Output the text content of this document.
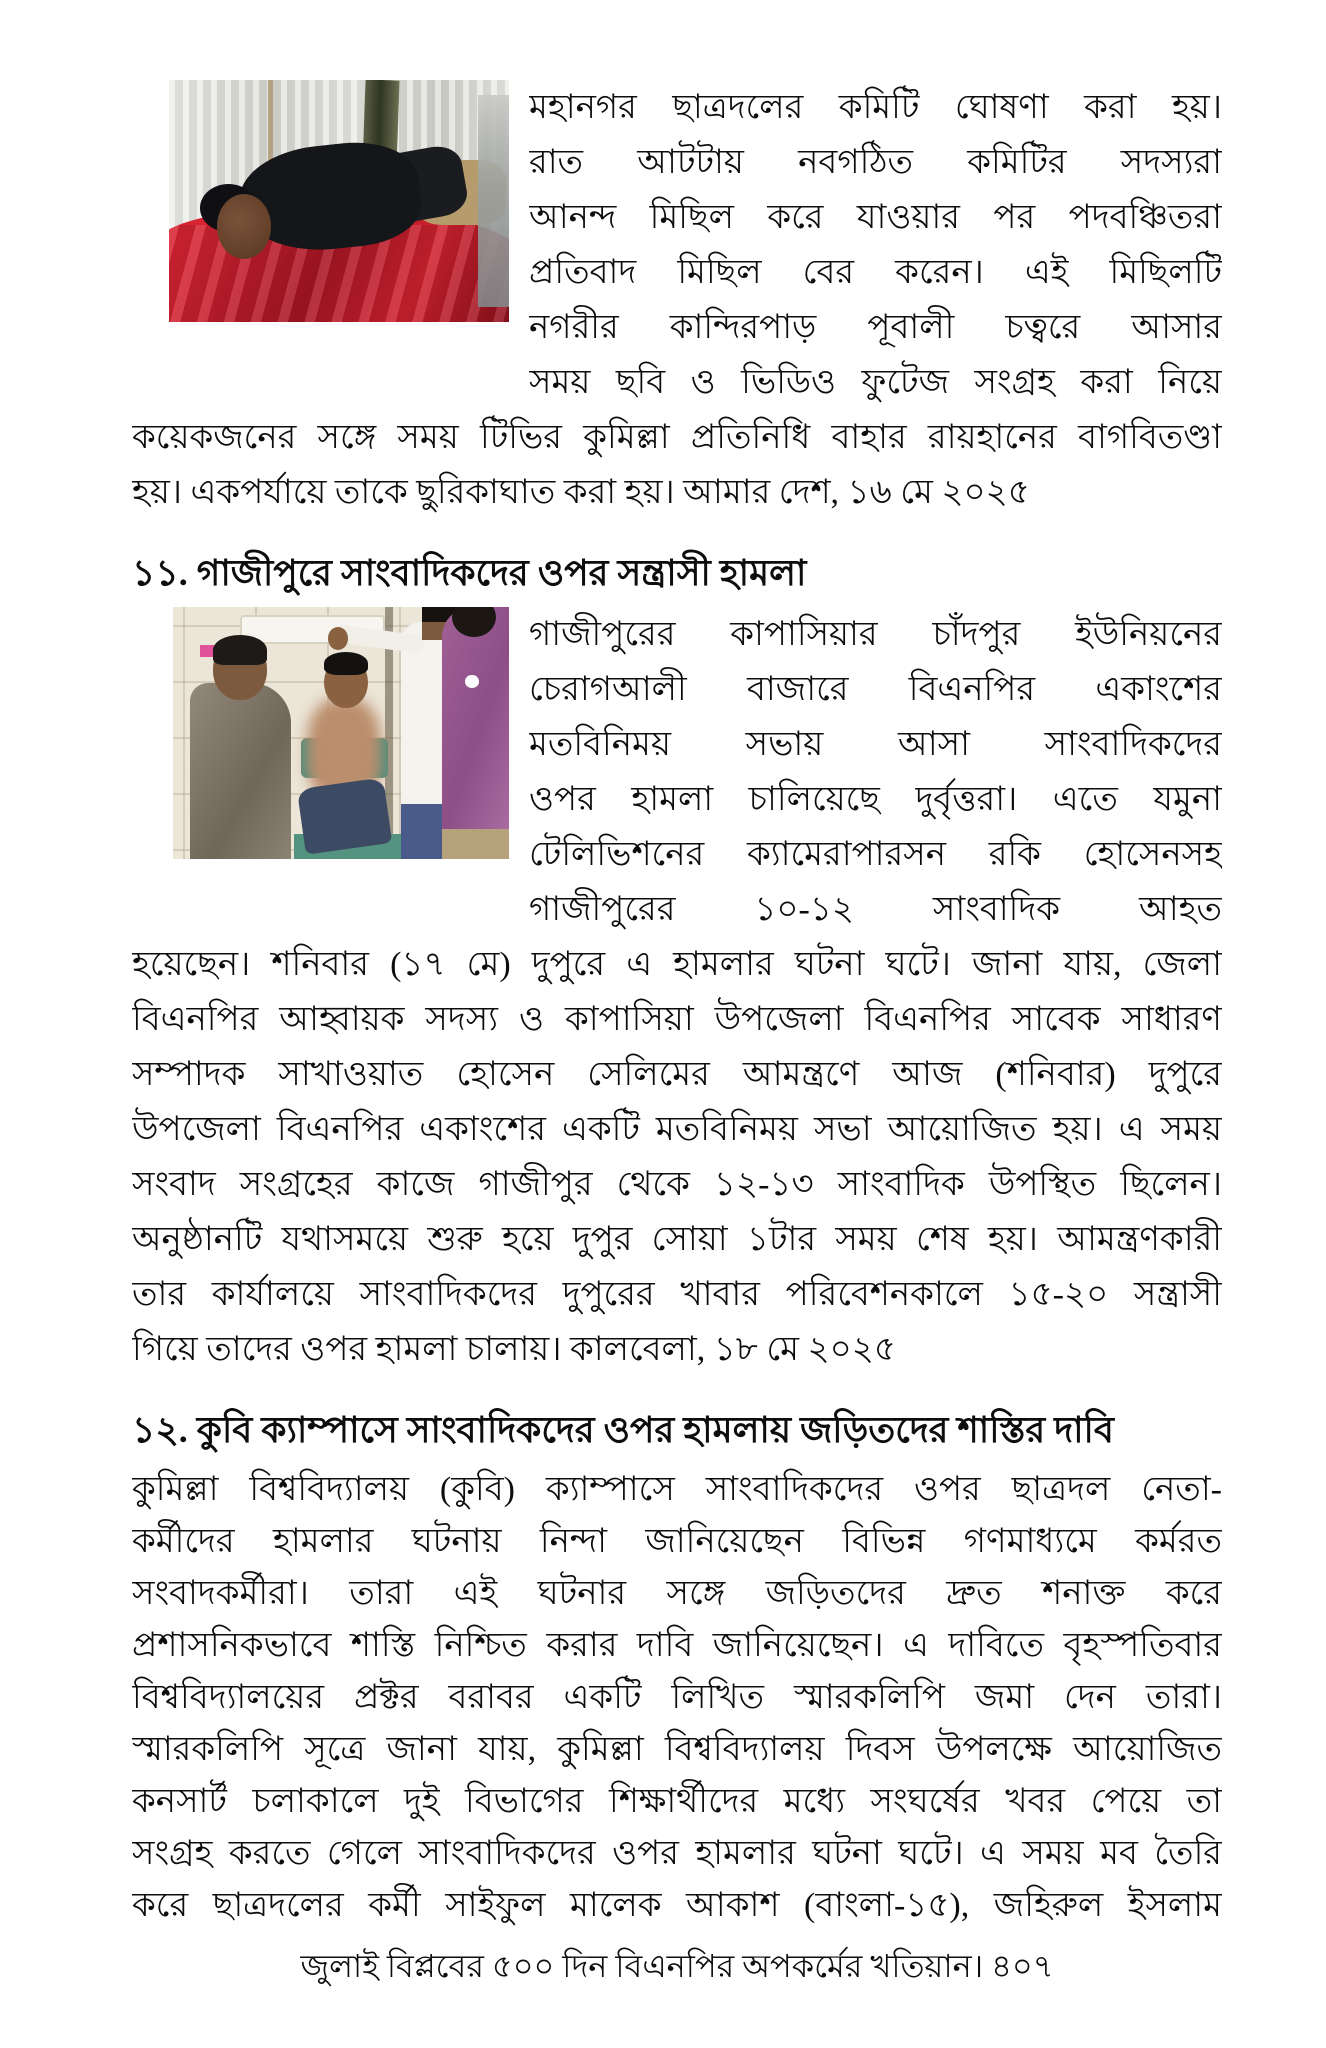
মহানগর ছাত্রদলের কমিটি ঘোষণা করা হয়।
রাত আটটায় নবগঠিত কমিটির সদস্যরা
আনন্দ মিছিল করে যাওয়ার পর পদবঞ্চিতরা
প্রতিবাদ মিছিল বের করেন। এই মিছিলটি
নগরীর কান্দিরপাড় পূবালী চত্বরে আসার
সময় ছবি ও ভিডিও ফুটেজ সংগ্রহ করা নিয়ে
কয়েকজনের সঙ্গে সময় টিভির কুমিল্লা প্রতিনিধি বাহার রায়হানের বাগবিতণ্ডা
হয়। একপর্যায়ে তাকে ছুরিকাঘাত করা হয়। আমার দেশ, ১৬ মে ২০২৫
১১. গাজীপুরে সাংবাদিকদের ওপর সন্ত্রাসী হামলা
গাজীপুরের কাপাসিয়ার চাঁদপুর ইউনিয়নের
চেরাগআলী বাজারে বিএনপির একাংশের
মতবিনিময় সভায় আসা সাংবাদিকদের
ওপর হামলা চালিয়েছে দুর্বৃত্তরা। এতে যমুনা
টেলিভিশনের ক্যামেরাপারসন রকি হোসেনসহ
গাজীপুরের ১০-১২ সাংবাদিক আহত
হয়েছেন। শনিবার (১৭ মে) দুপুরে এ হামলার ঘটনা ঘটে। জানা যায়, জেলা
বিএনপির আহ্বায়ক সদস্য ও কাপাসিয়া উপজেলা বিএনপির সাবেক সাধারণ
সম্পাদক সাখাওয়াত হোসেন সেলিমের আমন্ত্রণে আজ (শনিবার) দুপুরে
উপজেলা বিএনপির একাংশের একটি মতবিনিময় সভা আয়োজিত হয়। এ সময়
সংবাদ সংগ্রহের কাজে গাজীপুর থেকে ১২-১৩ সাংবাদিক উপস্থিত ছিলেন।
অনুষ্ঠানটি যথাসময়ে শুরু হয়ে দুপুর সোয়া ১টার সময় শেষ হয়। আমন্ত্রণকারী
তার কার্যালয়ে সাংবাদিকদের দুপুরের খাবার পরিবেশনকালে ১৫-২০ সন্ত্রাসী
গিয়ে তাদের ওপর হামলা চালায়। কালবেলা, ১৮ মে ২০২৫
১২. কুবি ক্যাম্পাসে সাংবাদিকদের ওপর হামলায় জড়িতদের শাস্তির দাবি
কুমিল্লা বিশ্ববিদ্যালয় (কুবি) ক্যাম্পাসে সাংবাদিকদের ওপর ছাত্রদল নেতা-
কর্মীদের হামলার ঘটনায় নিন্দা জানিয়েছেন বিভিন্ন গণমাধ্যমে কর্মরত
সংবাদকর্মীরা। তারা এই ঘটনার সঙ্গে জড়িতদের দ্রুত শনাক্ত করে
প্রশাসনিকভাবে শাস্তি নিশ্চিত করার দাবি জানিয়েছেন। এ দাবিতে বৃহস্পতিবার
বিশ্ববিদ্যালয়ের প্রক্টর বরাবর একটি লিখিত স্মারকলিপি জমা দেন তারা।
স্মারকলিপি সূত্রে জানা যায়, কুমিল্লা বিশ্ববিদ্যালয় দিবস উপলক্ষে আয়োজিত
কনসার্ট চলাকালে দুই বিভাগের শিক্ষার্থীদের মধ্যে সংঘর্ষের খবর পেয়ে তা
সংগ্রহ করতে গেলে সাংবাদিকদের ওপর হামলার ঘটনা ঘটে। এ সময় মব তৈরি
করে ছাত্রদলের কর্মী সাইফুল মালেক আকাশ (বাংলা-১৫), জহিরুল ইসলাম
জুলাই বিপ্লবের ৫০০ দিন বিএনপির অপকর্মের খতিয়ান। ৪০৭
